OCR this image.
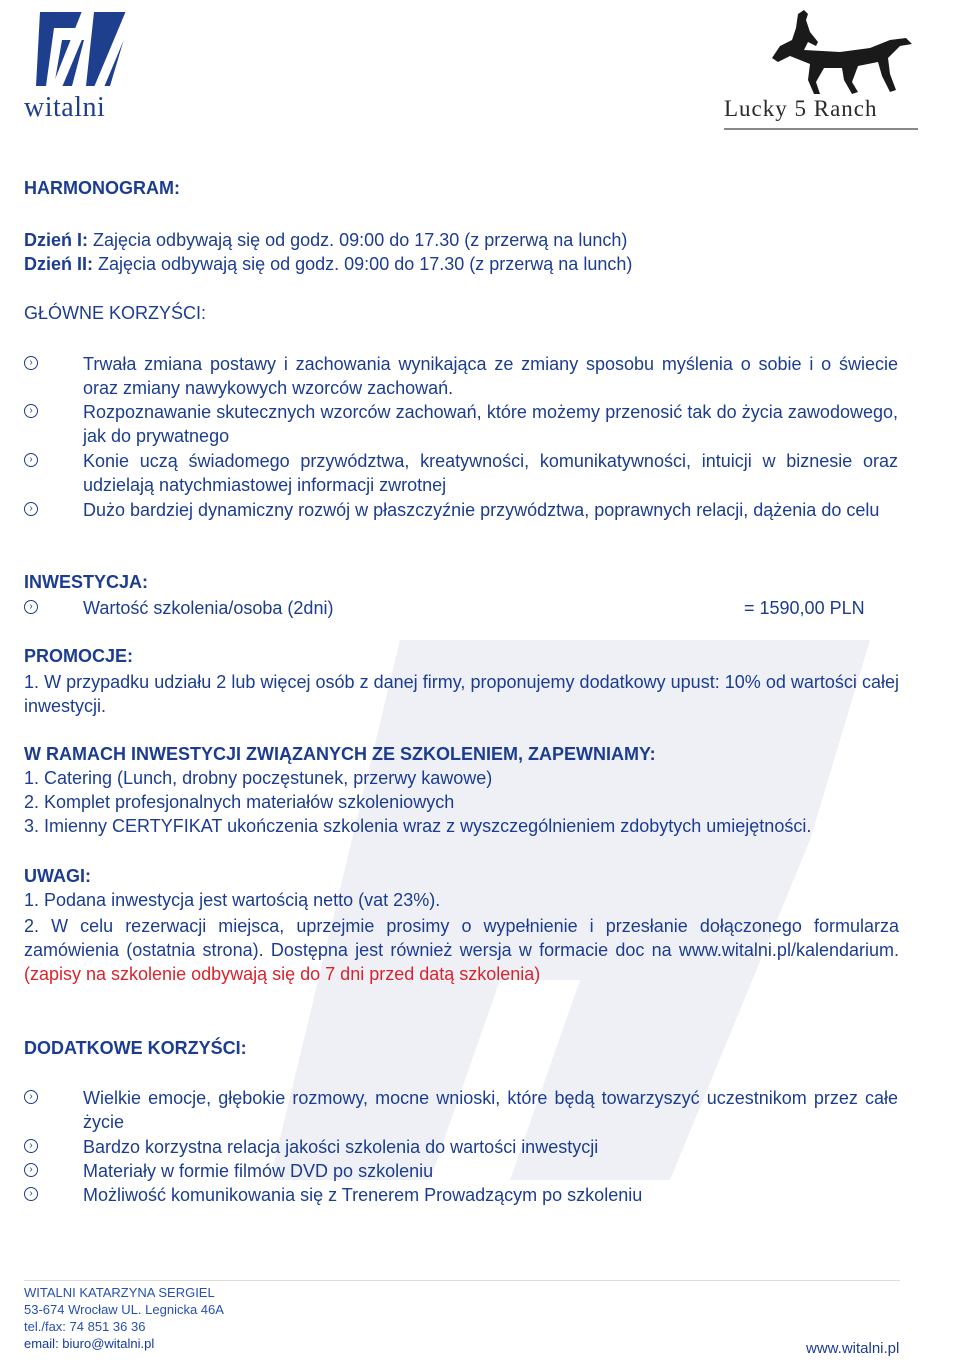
witalni	Lucky 5 Ranch
HARMONOGRAM:
Dzień I: Zajęcia odbywają się od godz. 09:00 do 17.30 (z przerwą na lunch)
Dzień II: Zajęcia odbywają się od godz. 09:00 do 17.30 (z przerwą na lunch)
GŁÓWNE KORZYŚCI:
›	Trwała zmiana postawy i zachowania wynikająca ze zmiany sposobu myślenia o sobie i o świecie oraz zmiany nawykowych wzorców zachowań.
›	Rozpoznawanie skutecznych wzorców zachowań, które możemy przenosić tak do życia zawodowego, jak do prywatnego
›	Konie uczą świadomego przywództwa, kreatywności, komunikatywności, intuicji w biznesie oraz udzielają natychmiastowej informacji zwrotnej
›	Dużo bardziej dynamiczny rozwój w płaszczyźnie przywództwa, poprawnych relacji, dążenia do celu
INWESTYCJA:
›	Wartość szkolenia/osoba (2dni)	= 1590,00 PLN
PROMOCJE:
1. W przypadku udziału 2 lub więcej osób z danej firmy, proponujemy dodatkowy upust: 10% od wartości całej inwestycji.
W RAMACH INWESTYCJI ZWIĄZANYCH ZE SZKOLENIEM, ZAPEWNIAMY:
1. Catering (Lunch, drobny poczęstunek, przerwy kawowe)
2. Komplet profesjonalnych materiałów szkoleniowych
3. Imienny CERTYFIKAT ukończenia szkolenia wraz z wyszczególnieniem zdobytych umiejętności.
UWAGI:
1. Podana inwestycja jest wartością netto (vat 23%).
2. W celu rezerwacji miejsca, uprzejmie prosimy o wypełnienie i przesłanie dołączonego formularza zamówienia (ostatnia strona). Dostępna jest również wersja w formacie doc na www.witalni.pl/kalendarium. (zapisy na szkolenie odbywają się do 7 dni przed datą szkolenia)
DODATKOWE KORZYŚCI:
›	Wielkie emocje, głębokie rozmowy, mocne wnioski, które będą towarzyszyć uczestnikom przez całe życie
›	Bardzo korzystna relacja jakości szkolenia do wartości inwestycji
›	Materiały w formie filmów DVD po szkoleniu
›	Możliwość komunikowania się z Trenerem Prowadzącym po szkoleniu
WITALNI KATARZYNA SERGIEL
53-674 Wrocław UL. Legnicka 46A
tel./fax: 74 851 36 36
email: biuro@witalni.pl	www.witalni.pl
